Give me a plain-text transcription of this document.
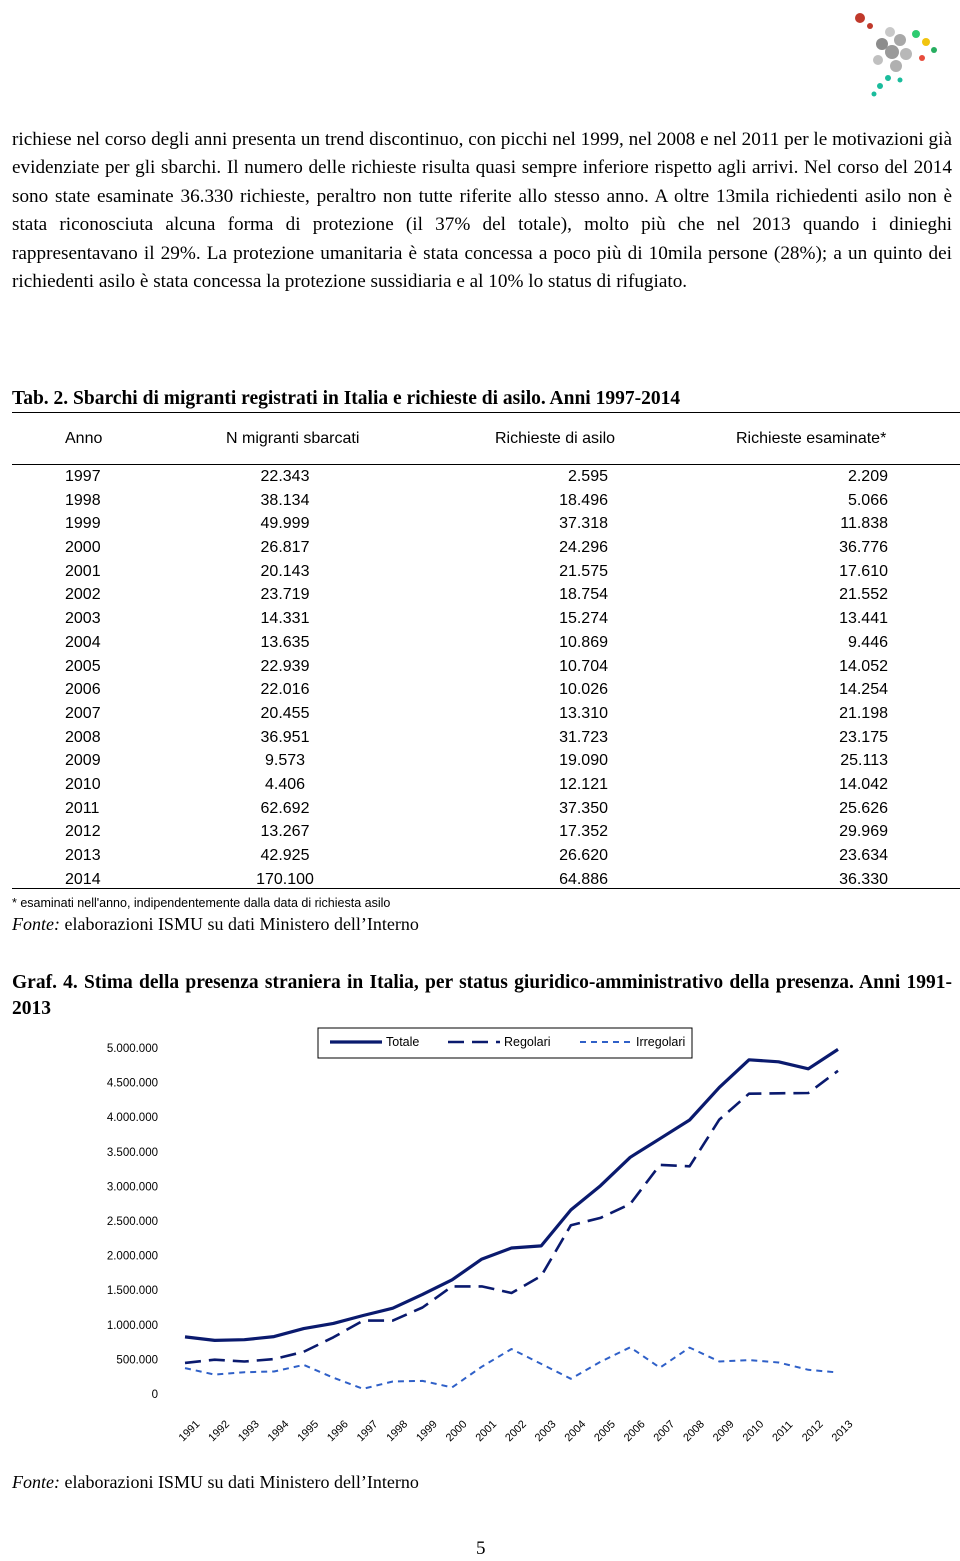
richiese nel corso degli anni presenta un trend discontinuo, con picchi nel 1999, nel 2008 e nel 2011 per le motivazioni già evidenziate per gli sbarchi. Il numero delle richieste risulta quasi sempre inferiore rispetto agli arrivi. Nel corso del 2014 sono state esaminate 36.330 richieste, peraltro non tutte riferite allo stesso anno. A oltre 13mila richiedenti asilo non è stata riconosciuta alcuna forma di protezione (il 37% del totale), molto più che nel 2013 quando i dinieghi rappresentavano il 29%. La protezione umanitaria è stata concessa a poco più di 10mila persone (28%); a un quinto dei richiedenti asilo è stata concessa la protezione sussidiaria e al 10% lo status di rifugiato.

Tab. 2. Sbarchi di migranti registrati in Italia e richieste di asilo. Anni 1997-2014

Anno	N migranti sbarcati	Richieste di asilo	Richieste esaminate*
1997	22.343	2.595	2.209
1998	38.134	18.496	5.066
1999	49.999	37.318	11.838
2000	26.817	24.296	36.776
2001	20.143	21.575	17.610
2002	23.719	18.754	21.552
2003	14.331	15.274	13.441
2004	13.635	10.869	9.446
2005	22.939	10.704	14.052
2006	22.016	10.026	14.254
2007	20.455	13.310	21.198
2008	36.951	31.723	23.175
2009	9.573	19.090	25.113
2010	4.406	12.121	14.042
2011	62.692	37.350	25.626
2012	13.267	17.352	29.969
2013	42.925	26.620	23.634
2014	170.100	64.886	36.330
* esaminati nell'anno, indipendentemente dalla data di richiesta asilo
Fonte: elaborazioni ISMU su dati Ministero dell’Interno

Graf. 4. Stima della presenza straniera in Italia, per status giuridico-amministrativo della presenza. Anni 1991-2013

0
500.000
1.000.000
1.500.000
2.000.000
2.500.000
3.000.000
3.500.000
4.000.000
4.500.000
5.000.000
1991 1992 1993 1994 1995 1996 1997 1998 1999 2000 2001 2002 2003 2004 2005 2006 2007 2008 2009 2010 2011 2012 2013
Totale	Regolari	Irregolari
Fonte: elaborazioni ISMU su dati Ministero dell’Interno
5
